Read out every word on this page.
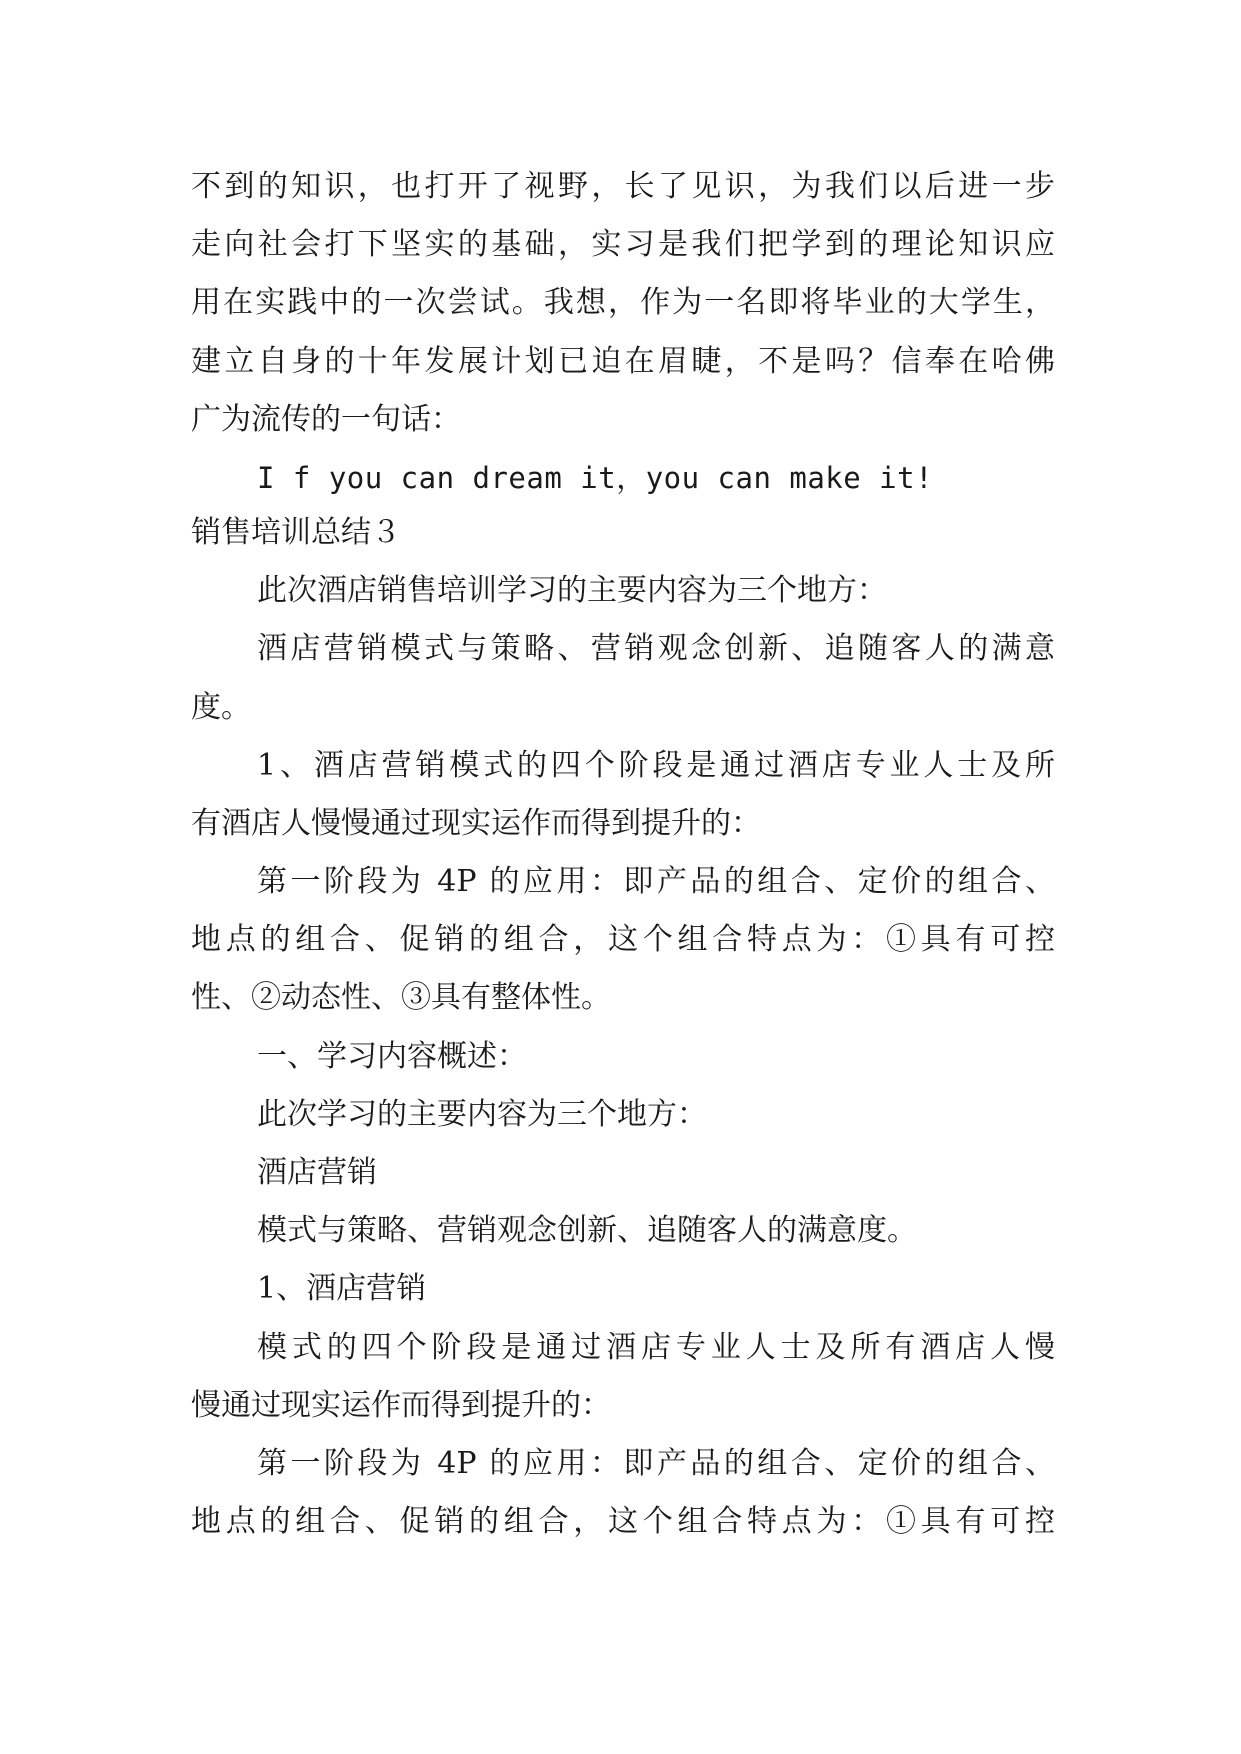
不到的知识，也打开了视野，长了见识，为我们以后进一步
走向社会打下坚实的基础，实习是我们把学到的理论知识应
用在实践中的一次尝试。我想，作为一名即将毕业的大学生，
建立自身的十年发展计划已迫在眉睫，不是吗？信奉在哈佛
广为流传的一句话：
I f you can dream it，you can make it!
销售培训总结３
此次酒店销售培训学习的主要内容为三个地方：
酒店营销模式与策略、营销观念创新、追随客人的满意
度。
1、酒店营销模式的四个阶段是通过酒店专业人士及所
有酒店人慢慢通过现实运作而得到提升的：
第一阶段为 4P 的应用：即产品的组合、定价的组合、
地点的组合、促销的组合，这个组合特点为：①具有可控
性、②动态性、③具有整体性。
一、学习内容概述：
此次学习的主要内容为三个地方：
酒店营销
模式与策略、营销观念创新、追随客人的满意度。
1、酒店营销
模式的四个阶段是通过酒店专业人士及所有酒店人慢
慢通过现实运作而得到提升的：
第一阶段为 4P 的应用：即产品的组合、定价的组合、
地点的组合、促销的组合，这个组合特点为：①具有可控
